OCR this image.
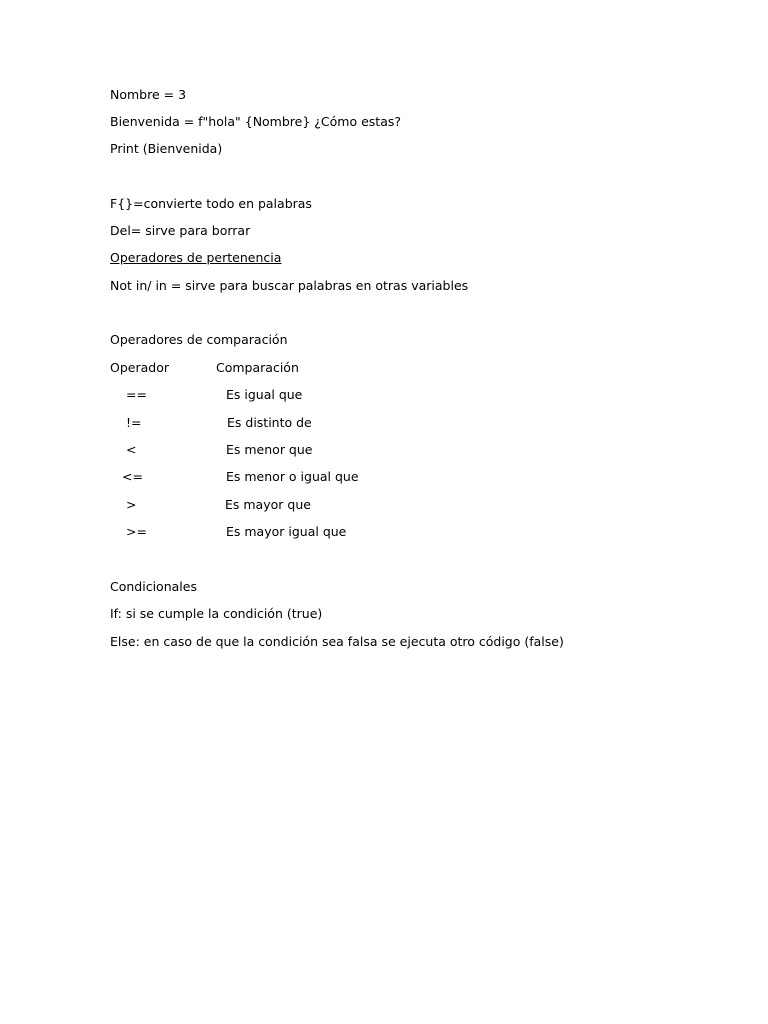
Nombre = 3
Bienvenida = f"hola" {Nombre} ¿Cómo estas?
Print (Bienvenida)
F{}=convierte todo en palabras
Del= sirve para borrar
Operadores de pertenencia
Not in/ in = sirve para buscar palabras en otras variables
Operadores de comparación
Operador	Comparación
==	Es igual que
!=	Es distinto de
<	Es menor que
<=	Es menor o igual que
>	Es mayor que
>=	Es mayor igual que
Condicionales
If: si se cumple la condición (true)
Else: en caso de que la condición sea falsa se ejecuta otro código (false)
